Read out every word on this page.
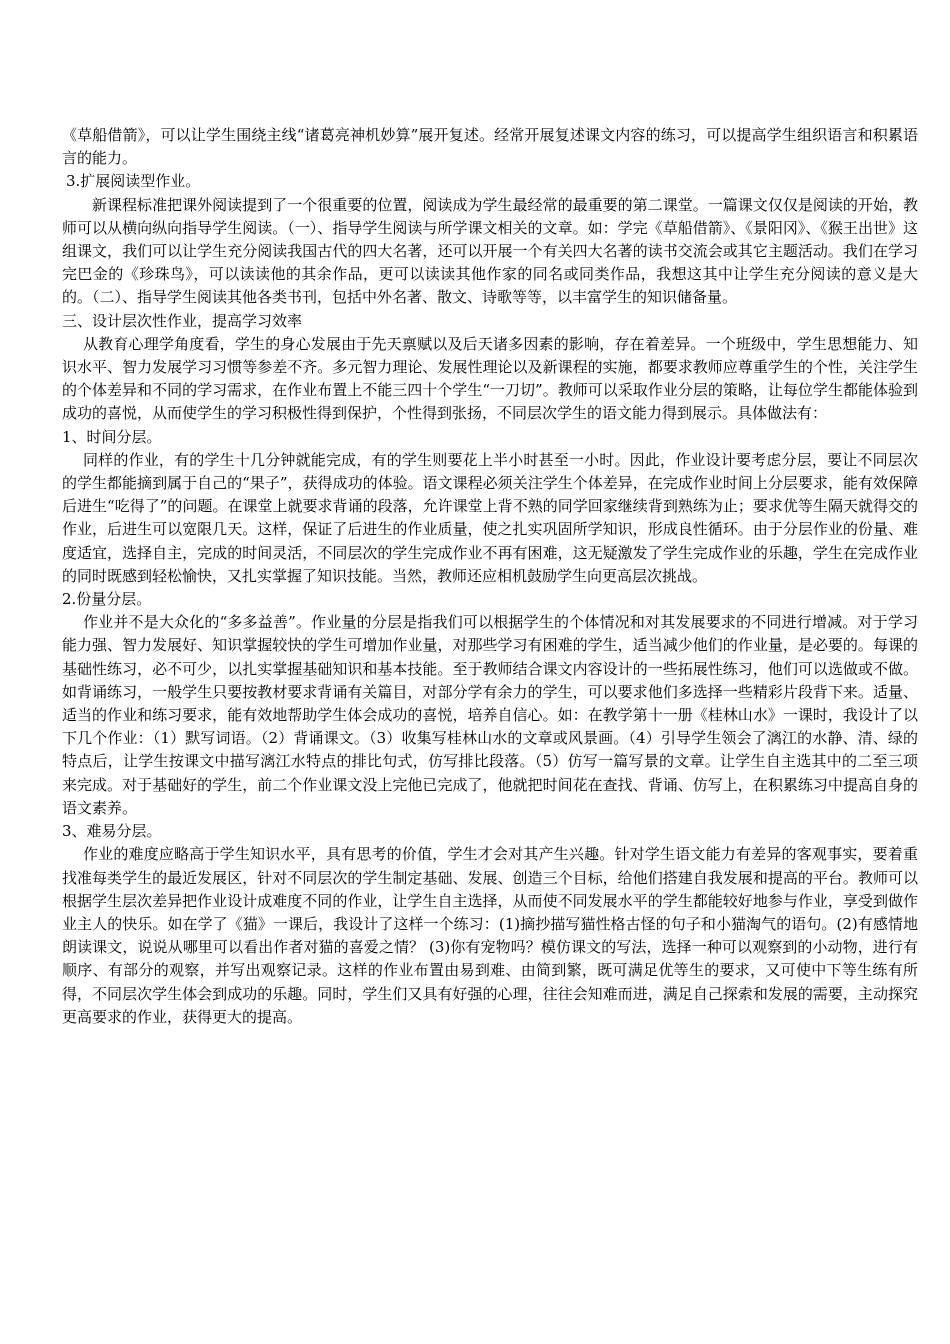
《草船借箭》，可以让学生围绕主线“诸葛亮神机妙算”展开复述。经常开展复述课文内容的练习，可以提高学生组织语言和积累语言的能力。

3.扩展阅读型作业。

新课程标准把课外阅读提到了一个很重要的位置，阅读成为学生最经常的最重要的第二课堂。一篇课文仅仅是阅读的开始，教师可以从横向纵向指导学生阅读。（一）、指导学生阅读与所学课文相关的文章。如：学完《草船借箭》、《景阳冈》、《猴王出世》这组课文，我们可以让学生充分阅读我国古代的四大名著，还可以开展一个有关四大名著的读书交流会或其它主题活动。我们在学习完巴金的《珍珠鸟》，可以读读他的其余作品，更可以读读其他作家的同名或同类作品，我想这其中让学生充分阅读的意义是大的。（二）、指导学生阅读其他各类书刊，包括中外名著、散文、诗歌等等，以丰富学生的知识储备量。

三、设计层次性作业，提高学习效率

从教育心理学角度看，学生的身心发展由于先天禀赋以及后天诸多因素的影响，存在着差异。一个班级中，学生思想能力、知识水平、智力发展学习习惯等参差不齐。多元智力理论、发展性理论以及新课程的实施，都要求教师应尊重学生的个性，关注学生的个体差异和不同的学习需求，在作业布置上不能三四十个学生“一刀切”。教师可以采取作业分层的策略，让每位学生都能体验到成功的喜悦，从而使学生的学习积极性得到保护，个性得到张扬，不同层次学生的语文能力得到展示。具体做法有：

1、时间分层。

同样的作业，有的学生十几分钟就能完成，有的学生则要花上半小时甚至一小时。因此，作业设计要考虑分层，要让不同层次的学生都能摘到属于自己的“果子”，获得成功的体验。语文课程必须关注学生个体差异，在完成作业时间上分层要求，能有效保障后进生“吃得了”的问题。在课堂上就要求背诵的段落，允许课堂上背不熟的同学回家继续背到熟练为止；要求优等生隔天就得交的作业，后进生可以宽限几天。这样，保证了后进生的作业质量，使之扎实巩固所学知识，形成良性循环。由于分层作业的份量、难度适宜，选择自主，完成的时间灵活，不同层次的学生完成作业不再有困难，这无疑激发了学生完成作业的乐趣，学生在完成作业的同时既感到轻松愉快，又扎实掌握了知识技能。当然，教师还应相机鼓励学生向更高层次挑战。

2.份量分层。

作业并不是大众化的“多多益善”。作业量的分层是指我们可以根据学生的个体情况和对其发展要求的不同进行增减。对于学习能力强、智力发展好、知识掌握较快的学生可增加作业量，对那些学习有困难的学生，适当减少他们的作业量，是必要的。每课的基础性练习，必不可少，以扎实掌握基础知识和基本技能。至于教师结合课文内容设计的一些拓展性练习，他们可以选做或不做。如背诵练习，一般学生只要按教材要求背诵有关篇目，对部分学有余力的学生，可以要求他们多选择一些精彩片段背下来。适量、适当的作业和练习要求，能有效地帮助学生体会成功的喜悦，培养自信心。如：在教学第十一册《桂林山水》一课时，我设计了以下几个作业：（1）默写词语。（2）背诵课文。（3）收集写桂林山水的文章或风景画。（4）引导学生领会了漓江的水静、清、绿的特点后，让学生按课文中描写漓江水特点的排比句式，仿写排比段落。（5）仿写一篇写景的文章。让学生自主选其中的二至三项来完成。对于基础好的学生，前二个作业课文没上完他已完成了，他就把时间花在查找、背诵、仿写上，在积累练习中提高自身的语文素养。

3、难易分层。

作业的难度应略高于学生知识水平，具有思考的价值，学生才会对其产生兴趣。针对学生语文能力有差异的客观事实，要着重找准每类学生的最近发展区，针对不同层次的学生制定基础、发展、创造三个目标，给他们搭建自我发展和提高的平台。教师可以根据学生层次差异把作业设计成难度不同的作业，让学生自主选择，从而使不同发展水平的学生都能较好地参与作业，享受到做作业主人的快乐。如在学了《猫》一课后，我设计了这样一个练习：(1)摘抄描写猫性格古怪的句子和小猫淘气的语句。(2)有感情地朗读课文，说说从哪里可以看出作者对猫的喜爱之情？ (3)你有宠物吗？模仿课文的写法，选择一种可以观察到的小动物，进行有顺序、有部分的观察，并写出观察记录。这样的作业布置由易到难、由简到繁，既可满足优等生的要求，又可使中下等生练有所得，不同层次学生体会到成功的乐趣。同时，学生们又具有好强的心理，往往会知难而进，满足自己探索和发展的需要，主动探究更高要求的作业，获得更大的提高。
